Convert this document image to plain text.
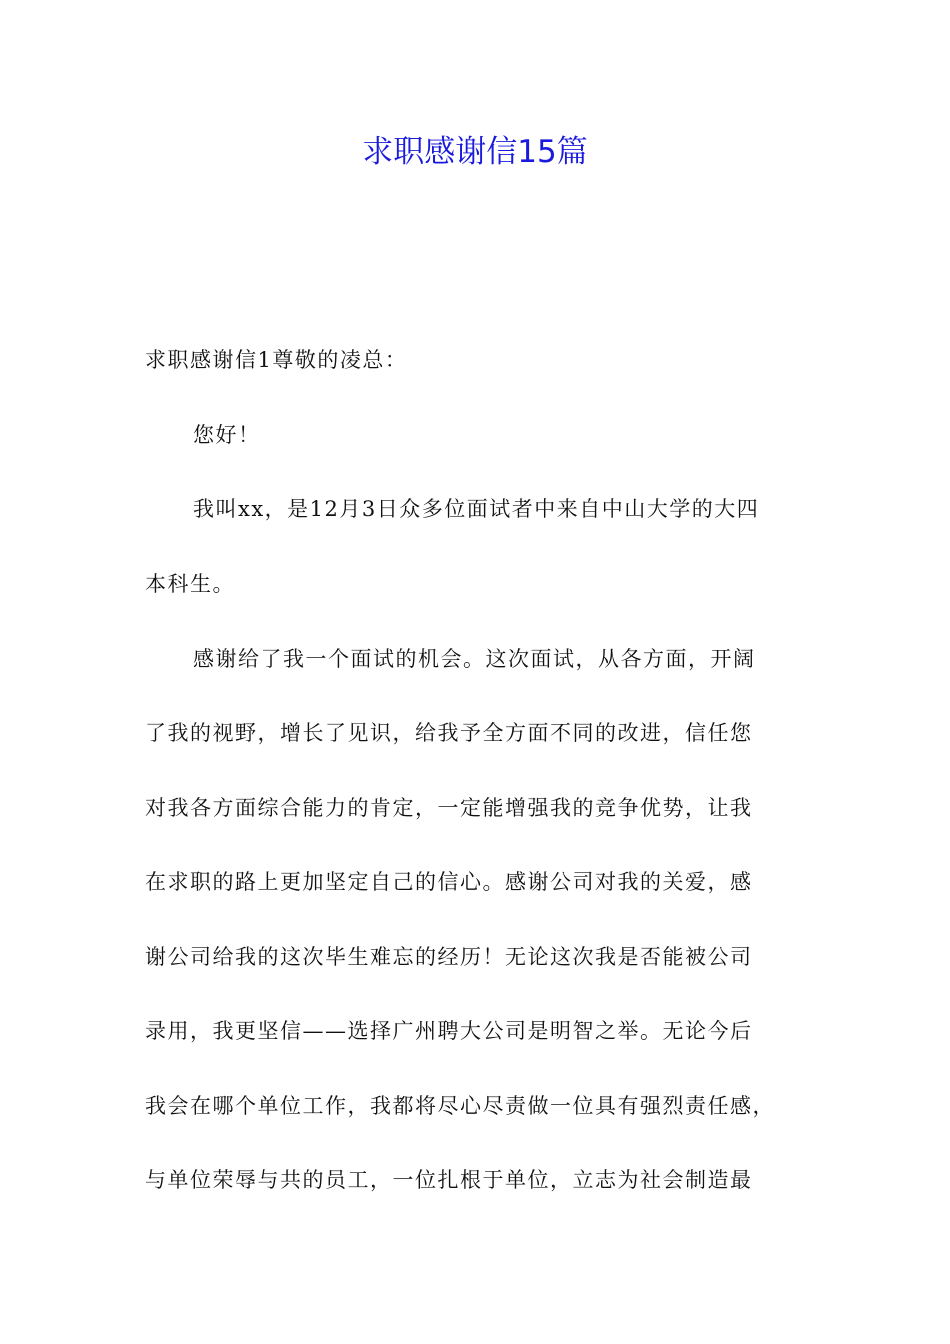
求职感谢信15篇
求职感谢信1尊敬的凌总：
您好！
我叫xx，是12月3日众多位面试者中来自中山大学的大四
本科生。
感谢给了我一个面试的机会。这次面试，从各方面，开阔
了我的视野，增长了见识，给我予全方面不同的改进，信任您
对我各方面综合能力的肯定，一定能增强我的竞争优势，让我
在求职的路上更加坚定自己的信心。感谢公司对我的关爱，感
谢公司给我的这次毕生难忘的经历！无论这次我是否能被公司
录用，我更坚信——选择广州聘大公司是明智之举。无论今后
我会在哪个单位工作，我都将尽心尽责做一位具有强烈责任感，
与单位荣辱与共的员工，一位扎根于单位，立志为社会制造最
